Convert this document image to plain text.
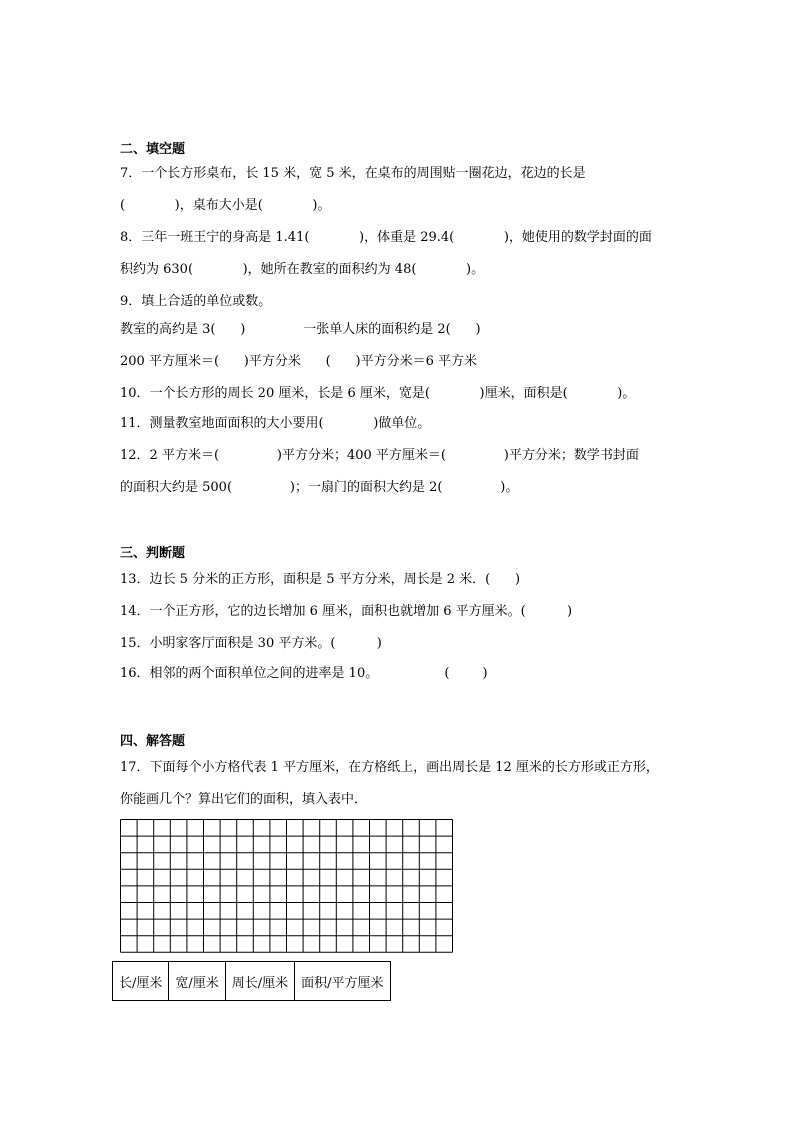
二、填空题
7．一个长方形桌布，长 15 米，宽 5 米，在桌布的周围贴一圈花边，花边的长是
(            )，桌布大小是(            )。
8．三年一班王宁的身高是 1.41(            )，体重是 29.4(            )，她使用的数学封面的面
积约为 630(            )，她所在教室的面积约为 48(            )。
9．填上合适的单位或数。
教室的高约是 3(      )              一张单人床的面积约是 2(      )
200 平方厘米＝(      )平方分米      (      )平方分米＝6 平方米
10．一个长方形的周长 20 厘米，长是 6 厘米，宽是(            )厘米，面积是(            )。
11．测量教室地面面积的大小要用(            )做单位。
12．2 平方米＝(              )平方分米；400 平方厘米＝(              )平方分米；数学书封面
的面积大约是 500(              )；一扇门的面积大约是 2(              )。
三、判断题
13．边长 5 分米的正方形，面积是 5 平方分米，周长是 2 米．(      )
14．一个正方形，它的边长增加 6 厘米，面积也就增加 6 平方厘米。(          )
15．小明家客厅面积是 30 平方米。(          )
16．相邻的两个面积单位之间的进率是 10。                (        )
四、解答题
17．下面每个小方格代表 1 平方厘米，在方格纸上，画出周长是 12 厘米的长方形或正方形，
你能画几个？算出它们的面积，填入表中．
长/厘米	宽/厘米	周长/厘米	面积/平方厘米
